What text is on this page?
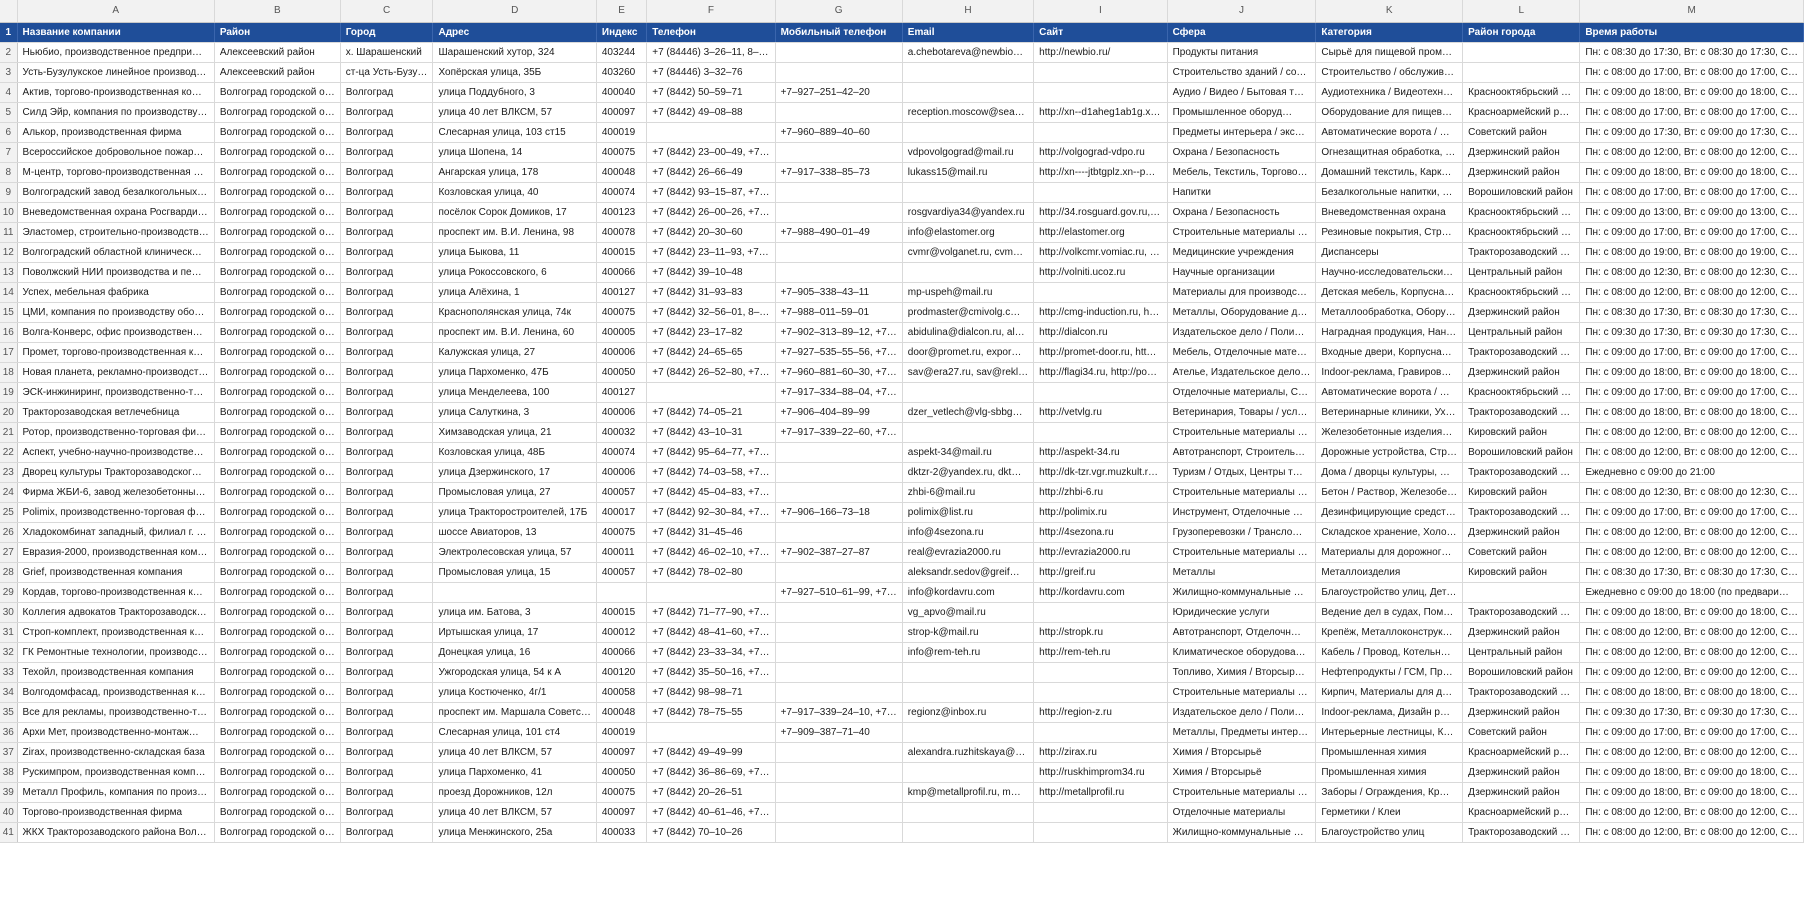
	A	B	C	D	E	F	G	H	I	J	K	L	M
1	Название компании	Район	Город	Адрес	Индекс	Телефон	Мобильный телефон	Email	Сайт	Сфера	Категория	Район города	Время работы
2	Ньюбио, производственное предпри…	Алексеевский район	х. Шарашенский	Шарашенский хутор, 324	403244	+7 (84446) 3–26–11, 8–…		a.chebotareva@newbio…	http://newbio.ru/	Продукты питания	Сырьё для пищевой пром…		Пн: с 08:30 до 17:30, Вт: с 08:30 до 17:30, С…
3	Усть-Бузулукское линейное производ…	Алексеевский район	ст-ца Усть-Бузу…	Хопёрская улица, 35Б	403260	+7 (84446) 3–32–76				Строительство зданий / со…	Строительство / обслужив…		Пн: с 08:00 до 17:00, Вт: с 08:00 до 17:00, С…
4	Актив, торгово-производственная ко…	Волгоград городской о…	Волгоград	улица Поддубного, 3	400040	+7 (8442) 50–59–71	+7–927–251–42–20			Аудио / Видео / Бытовая т…	Аудиотехника / Видеотехн…	Краснооктябрьский …	Пн: с 09:00 до 18:00, Вт: с 09:00 до 18:00, С…
5	Силд Эйр, компания по производству…	Волгоград городской о…	Волгоград	улица 40 лет ВЛКСМ, 57	400097	+7 (8442) 49–08–88		reception.moscow@sea…	http://xn--d1aheg1ab1g.x…	Промышленное оборуд…	Оборудование для пищев…	Красноармейский р…	Пн: с 08:00 до 17:00, Вт: с 08:00 до 17:00, С…
6	Алькор, производственная фирма	Волгоград городской о…	Волгоград	Слесарная улица, 103 ст15	400019		+7–960–889–40–60			Предметы интерьера / экс…	Автоматические ворота / …	Советский район	Пн: с 09:00 до 17:30, Вт: с 09:00 до 17:30, С…
7	Всероссийское добровольное пожар…	Волгоград городской о…	Волгоград	улица Шопена, 14	400075	+7 (8442) 23–00–49, +7…		vdpovolgograd@mail.ru	http://volgograd-vdpo.ru	Охрана / Безопасность	Огнезащитная обработка, …	Дзержинский район	Пн: с 08:00 до 12:00, Вт: с 08:00 до 12:00, С…
8	М-центр, торгово-производственная …	Волгоград городской о…	Волгоград	Ангарская улица, 178	400048	+7 (8442) 26–66–49	+7–917–338–85–73	lukass15@mail.ru	http://xn----jtbtgplz.xn--p…	Мебель, Текстиль, Торгово…	Домашний текстиль, Карк…	Дзержинский район	Пн: с 09:00 до 18:00, Вт: с 09:00 до 18:00, С…
9	Волгоградский завод безалкогольных…	Волгоград городской о…	Волгоград	Козловская улица, 40	400074	+7 (8442) 93–15–87, +7…				Напитки	Безалкогольные напитки, …	Ворошиловский район	Пн: с 08:00 до 17:00, Вт: с 08:00 до 17:00, С…
10	Вневедомственная охрана Росгварди…	Волгоград городской о…	Волгоград	посёлок Сорок Домиков, 17	400123	+7 (8442) 26–00–26, +7…		rosgvardiya34@yandex.ru	http://34.rosguard.gov.ru,…	Охрана / Безопасность	Вневедомственная охрана	Краснооктябрьский …	Пн: с 09:00 до 13:00, Вт: с 09:00 до 13:00, С…
11	Эластомер, строительно-производств…	Волгоград городской о…	Волгоград	проспект им. В.И. Ленина, 98	400078	+7 (8442) 20–30–60	+7–988–490–01–49	info@elastomer.org	http://elastomer.org	Строительные материалы …	Резиновые покрытия, Стр…	Краснооктябрьский …	Пн: с 09:00 до 17:00, Вт: с 09:00 до 17:00, С…
12	Волгоградский областной клиническ…	Волгоград городской о…	Волгоград	улица Быкова, 11	400015	+7 (8442) 23–11–93, +7…		cvmr@volganet.ru, cvm…	http://volkcmr.vomiac.ru, …	Медицинские учреждения	Диспансеры	Тракторозаводский …	Пн: с 08:00 до 19:00, Вт: с 08:00 до 19:00, С…
13	Поволжский НИИ производства и пе…	Волгоград городской о…	Волгоград	улица Рокоссовского, 6	400066	+7 (8442) 39–10–48			http://volniti.ucoz.ru	Научные организации	Научно-исследовательски…	Центральный район	Пн: с 08:00 до 12:30, Вт: с 08:00 до 12:30, С…
14	Успех, мебельная фабрика	Волгоград городской о…	Волгоград	улица Алёхина, 1	400127	+7 (8442) 31–93–83	+7–905–338–43–11	mp-uspeh@mail.ru		Материалы для производс…	Детская мебель, Корпусна…	Краснооктябрьский …	Пн: с 08:00 до 12:00, Вт: с 08:00 до 12:00, С…
15	ЦМИ, компания по производству обо…	Волгоград городской о…	Волгоград	Краснополянская улица, 74к	400075	+7 (8442) 32–56–01, 8–…	+7–988–011–59–01	prodmaster@cmivolg.c…	http://cmg-induction.ru, h…	Металлы, Оборудование д…	Металлообработка, Обору…	Дзержинский район	Пн: с 08:30 до 17:30, Вт: с 08:30 до 17:30, С…
16	Волга-Конверс, офис производствен…	Волгоград городской о…	Волгоград	проспект им. В.И. Ленина, 60	400005	+7 (8442) 23–17–82	+7–902–313–89–12, +7…	abidulina@dialcon.ru, al…	http://dialcon.ru	Издательское дело / Поли…	Наградная продукция, Нан…	Центральный район	Пн: с 09:30 до 17:30, Вт: с 09:30 до 17:30, С…
17	Промет, торгово-производственная к…	Волгоград городской о…	Волгоград	Калужская улица, 27	400006	+7 (8442) 24–65–65	+7–927–535–55–56, +7…	door@promet.ru, expor…	http://promet-door.ru, htt…	Мебель, Отделочные мате…	Входные двери, Корпусна…	Тракторозаводский …	Пн: с 09:00 до 17:00, Вт: с 09:00 до 17:00, С…
18	Новая планета, рекламно-производст…	Волгоград городской о…	Волгоград	улица Пархоменко, 47Б	400050	+7 (8442) 26–52–80, +7…	+7–960–881–60–30, +7…	sav@era27.ru, sav@rekl…	http://flagi34.ru, http://po…	Ателье, Издательское дело…	Indoor-реклама, Гравиров…	Дзержинский район	Пн: с 09:00 до 18:00, Вт: с 09:00 до 18:00, С…
19	ЭСК-инжиниринг, производственно-т…	Волгоград городской о…	Волгоград	улица Менделеева, 100	400127		+7–917–334–88–04, +7…			Отделочные материалы, С…	Автоматические ворота / …	Краснооктябрьский …	Пн: с 09:00 до 17:00, Вт: с 09:00 до 17:00, С…
20	Тракторозаводская ветлечебница	Волгоград городской о…	Волгоград	улица Салуткина, 3	400006	+7 (8442) 74–05–21	+7–906–404–89–99	dzer_vetlech@vlg-sbbg…	http://vetvlg.ru	Ветеринария, Товары / усл…	Ветеринарные клиники, Ух…	Тракторозаводский …	Пн: с 08:00 до 18:00, Вт: с 08:00 до 18:00, С…
21	Ротор, производственно-торговая фи…	Волгоград городской о…	Волгоград	Химзаводская улица, 21	400032	+7 (8442) 43–10–31	+7–917–339–22–60, +7…			Строительные материалы …	Железобетонные изделия…	Кировский район	Пн: с 08:00 до 12:00, Вт: с 08:00 до 12:00, С…
22	Аспект, учебно-научно-производстве…	Волгоград городской о…	Волгоград	Козловская улица, 48Б	400074	+7 (8442) 95–64–77, +7…		aspekt-34@mail.ru	http://aspekt-34.ru	Автотранспорт, Строитель…	Дорожные устройства, Стр…	Ворошиловский район	Пн: с 08:00 до 12:00, Вт: с 08:00 до 12:00, С…
23	Дворец культуры Тракторозаводског…	Волгоград городской о…	Волгоград	улица Дзержинского, 17	400006	+7 (8442) 74–03–58, +7…		dktzr-2@yandex.ru, dkt…	http://dk-tzr.vgr.muzkult.r…	Туризм / Отдых, Центры т…	Дома / дворцы культуры, …	Тракторозаводский …	Ежедневно с 09:00 до 21:00
24	Фирма ЖБИ-6, завод железобетонны…	Волгоград городской о…	Волгоград	Промысловая улица, 27	400057	+7 (8442) 45–04–83, +7…		zhbi-6@mail.ru	http://zhbi-6.ru	Строительные материалы …	Бетон / Раствор, Железобе…	Кировский район	Пн: с 08:00 до 12:30, Вт: с 08:00 до 12:30, С…
25	Polimix, производственно-торговая ф…	Волгоград городской о…	Волгоград	улица Тракторостроителей, 17Б	400017	+7 (8442) 92–30–84, +7…	+7–906–166–73–18	polimix@list.ru	http://polimix.ru	Инструмент, Отделочные …	Дезинфицирующие средст…	Тракторозаводский …	Пн: с 09:00 до 17:00, Вт: с 09:00 до 17:00, С…
26	Хладокомбинат западный, филиал г. …	Волгоград городской о…	Волгоград	шоссе Авиаторов, 13	400075	+7 (8442) 31–45–46		info@4sezona.ru	http://4sezona.ru	Грузоперевозки / Трансло…	Складское хранение, Холо…	Дзержинский район	Пн: с 08:00 до 12:00, Вт: с 08:00 до 12:00, С…
27	Евразия-2000, производственная ком…	Волгоград городской о…	Волгоград	Электролесовская улица, 57	400011	+7 (8442) 46–02–10, +7…	+7–902–387–27–87	real@evrazia2000.ru	http://evrazia2000.ru	Строительные материалы …	Материалы для дорожног…	Советский район	Пн: с 08:00 до 12:00, Вт: с 08:00 до 12:00, С…
28	Grief, производственная компания	Волгоград городской о…	Волгоград	Промысловая улица, 15	400057	+7 (8442) 78–02–80		aleksandr.sedov@greif…	http://greif.ru	Металлы	Металлоизделия	Кировский район	Пн: с 08:30 до 17:30, Вт: с 08:30 до 17:30, С…
29	Кордав, торгово-производственная к…	Волгоград городской о…	Волгоград				+7–927–510–61–99, +7…	info@kordavru.com	http://kordavru.com	Жилищно-коммунальные …	Благоустройство улиц, Дет…		Ежедневно с 09:00 до 18:00 (по предвари…
30	Коллегия адвокатов Тракторозаводск…	Волгоград городской о…	Волгоград	улица им. Батова, 3	400015	+7 (8442) 71–77–90, +7…		vg_apvo@mail.ru		Юридические услуги	Ведение дел в судах, Пом…	Тракторозаводский …	Пн: с 09:00 до 18:00, Вт: с 09:00 до 18:00, С…
31	Строп-комплект, производственная к…	Волгоград городской о…	Волгоград	Иртышская улица, 17	400012	+7 (8442) 48–41–60, +7…		strop-k@mail.ru	http://stropk.ru	Автотранспорт, Отделочн…	Крепёж, Металлоконструк…	Дзержинский район	Пн: с 08:00 до 12:00, Вт: с 08:00 до 12:00, С…
32	ГК Ремонтные технологии, производс…	Волгоград городской о…	Волгоград	Донецкая улица, 16	400066	+7 (8442) 23–33–34, +7…		info@rem-teh.ru	http://rem-teh.ru	Климатическое оборудова…	Кабель / Провод, Котельн…	Центральный район	Пн: с 08:00 до 12:00, Вт: с 08:00 до 12:00, С…
33	Техойл, производственная компания	Волгоград городской о…	Волгоград	Ужгородская улица, 54 к А	400120	+7 (8442) 35–50–16, +7…				Топливо, Химия / Вторсыр…	Нефтепродукты / ГСМ, Пр…	Ворошиловский район	Пн: с 09:00 до 12:00, Вт: с 09:00 до 12:00, С…
34	Волгодомфасад, производственная к…	Волгоград городской о…	Волгоград	улица Костюченко, 4г/1	400058	+7 (8442) 98–98–71				Строительные материалы …	Кирпич, Материалы для д…	Тракторозаводский …	Пн: с 08:00 до 18:00, Вт: с 08:00 до 18:00, С…
35	Все для рекламы, производственно-т…	Волгоград городской о…	Волгоград	проспект им. Маршала Советс…	400048	+7 (8442) 78–75–55	+7–917–339–24–10, +7…	regionz@inbox.ru	http://region-z.ru	Издательское дело / Поли…	Indoor-реклама, Дизайн р…	Дзержинский район	Пн: с 09:30 до 17:30, Вт: с 09:30 до 17:30, С…
36	Архи Мет, производственно-монтаж…	Волгоград городской о…	Волгоград	Слесарная улица, 101 ст4	400019		+7–909–387–71–40			Металлы, Предметы интер…	Интерьерные лестницы, К…	Советский район	Пн: с 09:00 до 17:00, Вт: с 09:00 до 17:00, С…
37	Zirax, производственно-складская база	Волгоград городской о…	Волгоград	улица 40 лет ВЛКСМ, 57	400097	+7 (8442) 49–49–99		alexandra.ruzhitskaya@…	http://zirax.ru	Химия / Вторсырьё	Промышленная химия	Красноармейский р…	Пн: с 08:00 до 12:00, Вт: с 08:00 до 12:00, С…
38	Рускимпром, производственная комп…	Волгоград городской о…	Волгоград	улица Пархоменко, 41	400050	+7 (8442) 36–86–69, +7…			http://ruskhimprom34.ru	Химия / Вторсырьё	Промышленная химия	Дзержинский район	Пн: с 09:00 до 18:00, Вт: с 09:00 до 18:00, С…
39	Металл Профиль, компания по произ…	Волгоград городской о…	Волгоград	проезд Дорожников, 12л	400075	+7 (8442) 20–26–51		kmp@metallprofil.ru, m…	http://metallprofil.ru	Строительные материалы …	Заборы / Ограждения, Кр…	Дзержинский район	Пн: с 09:00 до 18:00, Вт: с 09:00 до 18:00, С…
40	Торгово-производственная фирма	Волгоград городской о…	Волгоград	улица 40 лет ВЛКСМ, 57	400097	+7 (8442) 40–61–46, +7…				Отделочные материалы	Герметики / Клеи	Красноармейский р…	Пн: с 08:00 до 12:00, Вт: с 08:00 до 12:00, С…
41	ЖКХ Тракторозаводского района Вол…	Волгоград городской о…	Волгоград	улица Менжинского, 25а	400033	+7 (8442) 70–10–26				Жилищно-коммунальные …	Благоустройство улиц	Тракторозаводский …	Пн: с 08:00 до 12:00, Вт: с 08:00 до 12:00, С…
